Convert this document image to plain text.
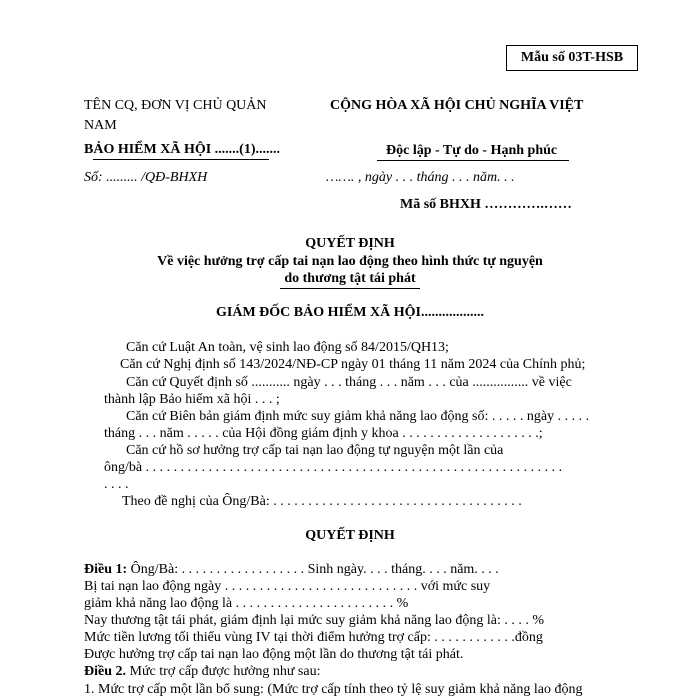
Mẫu số 03T-HSB
TÊN CQ, ĐƠN VỊ CHỦ QUẢN
NAM
BẢO HIỂM XÃ HỘI .......(1).......
Số: ......... /QĐ-BHXH
CỘNG HÒA XÃ HỘI CHỦ NGHĨA VIỆT
Độc lập - Tự do - Hạnh phúc
……. , ngày . . . tháng . . . năm. . .
Mã số BHXH ………….……
QUYẾT ĐỊNH
Về việc hưởng trợ cấp tai nạn lao động theo hình thức tự nguyện
do thương tật tái phát
GIÁM ĐỐC BẢO HIỂM XÃ HỘI..................
Căn cứ Luật An toàn, vệ sinh lao động số 84/2015/QH13;
Căn cứ Nghị định số 143/2024/NĐ-CP ngày 01 tháng 11 năm 2024 của Chính phủ;
Căn cứ Quyết định số ........... ngày . . . tháng . . . năm . . . của ................ về việc
thành lập Bảo hiểm xã hội . . . ;
Căn cứ Biên bản giám định mức suy giảm khả năng lao động số: . . . . . ngày . . . . .
tháng . . . năm . . . . . của Hội đồng giám định y khoa . . . . . . . . . . . . . . . . . . . .;
Căn cứ hồ sơ hưởng trợ cấp tai nạn lao động tự nguyện một lần của
ông/bà . . . . . . . . . . . . . . . . . . . . . . . . . . . . . . . . . . . . . . . . . . . . . . . . . . . . . . . . . . . .
. . . .
Theo đề nghị của Ông/Bà: . . . . . . . . . . . . . . . . . . . . . . . . . . . . . . . . . . . .
QUYẾT ĐỊNH
Điều 1: Ông/Bà: . . . . . . . . . . . . . . . . . . Sinh ngày. . . . tháng. . . . năm. . . .
Bị tai nạn lao động ngày . . . . . . . . . . . . . . . . . . . . . . . . . . . . với mức suy
giảm khả năng lao động là . . . . . . . . . . . . . . . . . . . . . . . %
Nay thương tật tái phát, giám định lại mức suy giảm khả năng lao động là: . . . . %
Mức tiền lương tối thiểu vùng IV tại thời điểm hưởng trợ cấp: . . . . . . . . . . . .đồng
Được hưởng trợ cấp tai nạn lao động một lần do thương tật tái phát.
Điều 2. Mức trợ cấp được hưởng như sau:
1. Mức trợ cấp một lần bổ sung: (Mức trợ cấp tính theo tỷ lệ suy giảm khả năng lao động
